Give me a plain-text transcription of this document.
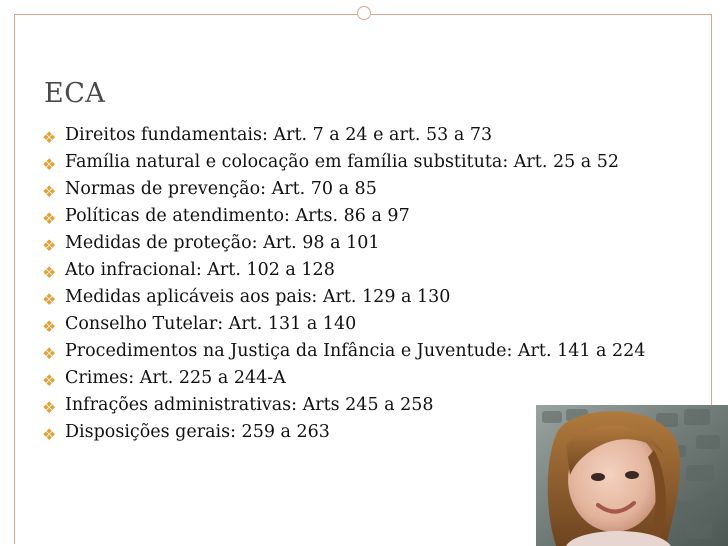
ECA
❖ Direitos fundamentais: Art. 7 a 24 e art. 53 a 73
❖ Família natural e colocação em família substituta: Art. 25 a 52
❖ Normas de prevenção: Art. 70 a 85
❖ Políticas de atendimento: Arts. 86 a 97
❖ Medidas de proteção: Art. 98 a 101
❖ Ato infracional: Art. 102 a 128
❖ Medidas aplicáveis aos pais: Art. 129 a 130
❖ Conselho Tutelar: Art. 131 a 140
❖ Procedimentos na Justiça da Infância e Juventude: Art. 141 a 224
❖ Crimes: Art. 225 a 244-A
❖ Infrações administrativas: Arts 245 a 258
❖ Disposições gerais: 259 a 263
